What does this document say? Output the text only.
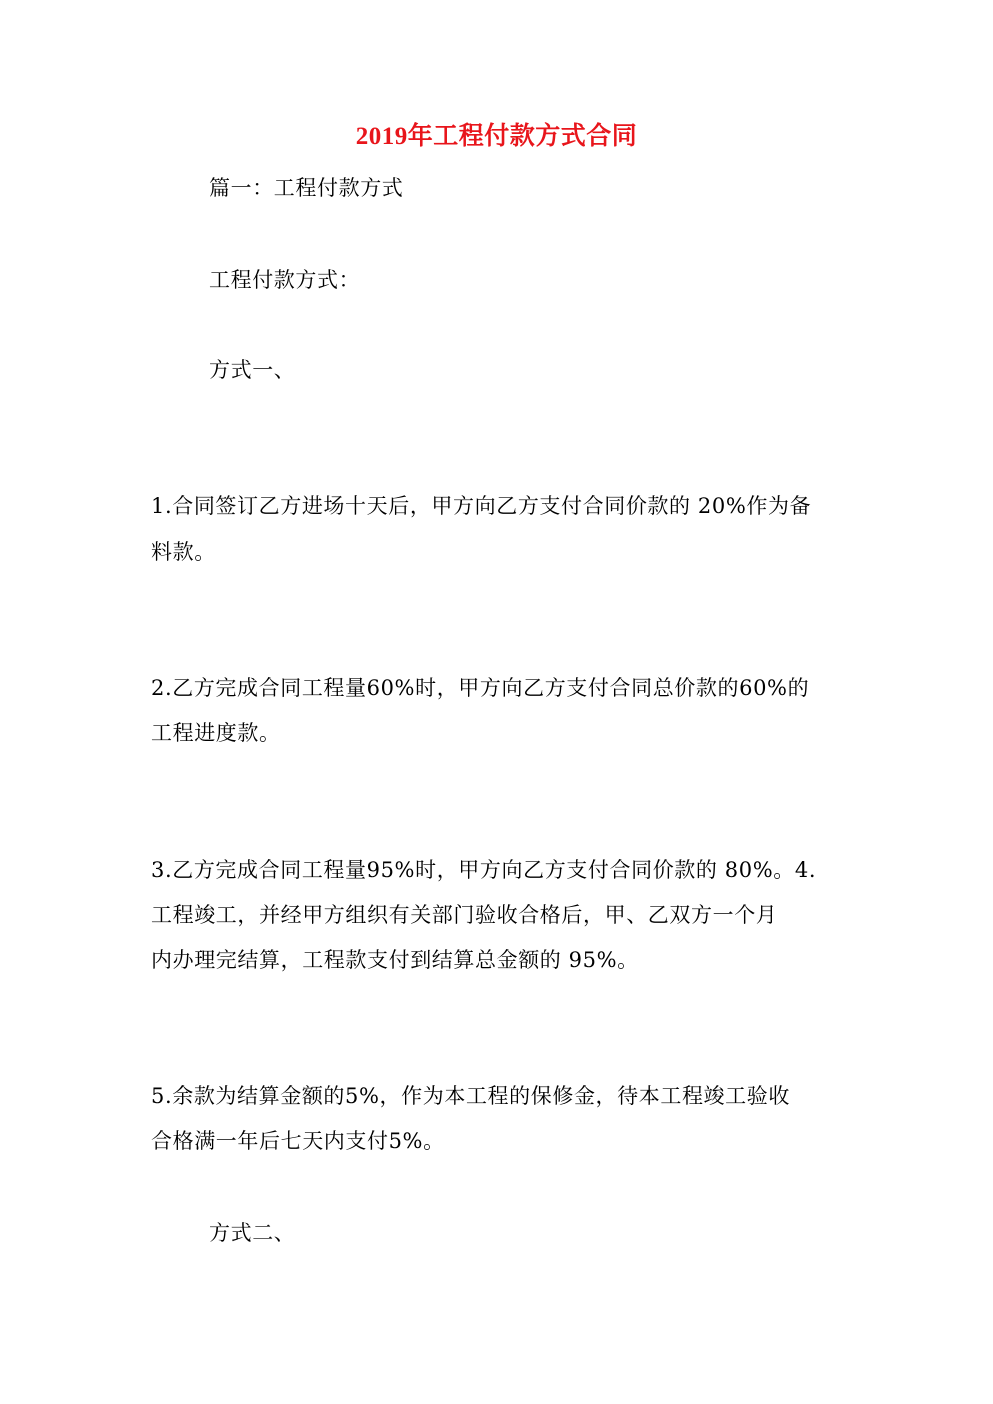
2019年工程付款方式合同
篇一：工程付款方式
工程付款方式：
方式一、
1.合同签订乙方进场十天后，甲方向乙方支付合同价款的 20%作为备
料款。
2.乙方完成合同工程量60%时，甲方向乙方支付合同总价款的60%的
工程进度款。
3.乙方完成合同工程量95%时，甲方向乙方支付合同价款的 80%。4.
工程竣工，并经甲方组织有关部门验收合格后，甲、乙双方一个月
内办理完结算，工程款支付到结算总金额的 95%。
5.余款为结算金额的5%，作为本工程的保修金，待本工程竣工验收
合格满一年后七天内支付5%。
方式二、
